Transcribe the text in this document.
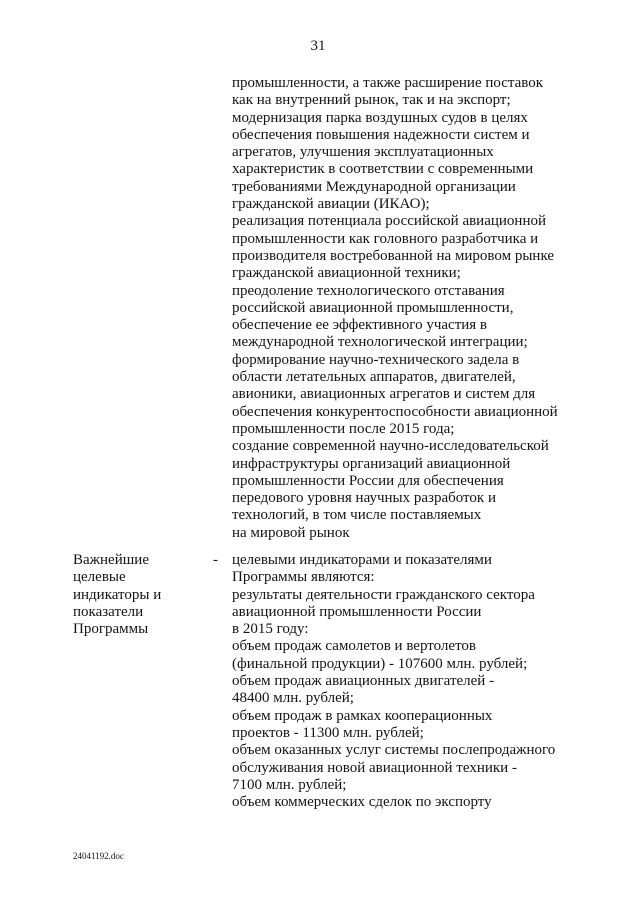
31
промышленности, а также расширение поставок
как на внутренний рынок, так и на экспорт;
модернизация парка воздушных судов в целях
обеспечения повышения надежности систем и
агрегатов, улучшения эксплуатационных
характеристик в соответствии с современными
требованиями Международной организации
гражданской авиации (ИКАО);
реализация потенциала российской авиационной
промышленности как головного разработчика и
производителя востребованной на мировом рынке
гражданской авиационной техники;
преодоление технологического отставания
российской авиационной промышленности,
обеспечение ее эффективного участия в
международной технологической интеграции;
формирование научно-технического задела в
области летательных аппаратов, двигателей,
авионики, авиационных агрегатов и систем для
обеспечения конкурентоспособности авиационной
промышленности после 2015 года;
создание современной научно-исследовательской
инфраструктуры организаций авиационной
промышленности России для обеспечения
передового уровня научных разработок и
технологий, в том числе поставляемых
на мировой рынок
Важнейшие
целевые
индикаторы и
показатели
Программы
- целевыми индикаторами и показателями
Программы являются:
результаты деятельности гражданского сектора
авиационной промышленности России
в 2015 году:
объем продаж самолетов и вертолетов
(финальной продукции) - 107600 млн. рублей;
объем продаж авиационных двигателей -
48400 млн. рублей;
объем продаж в рамках кооперационных
проектов - 11300 млн. рублей;
объем оказанных услуг системы послепродажного
обслуживания новой авиационной техники -
7100 млн. рублей;
объем коммерческих сделок по экспорту
24041192.doc
